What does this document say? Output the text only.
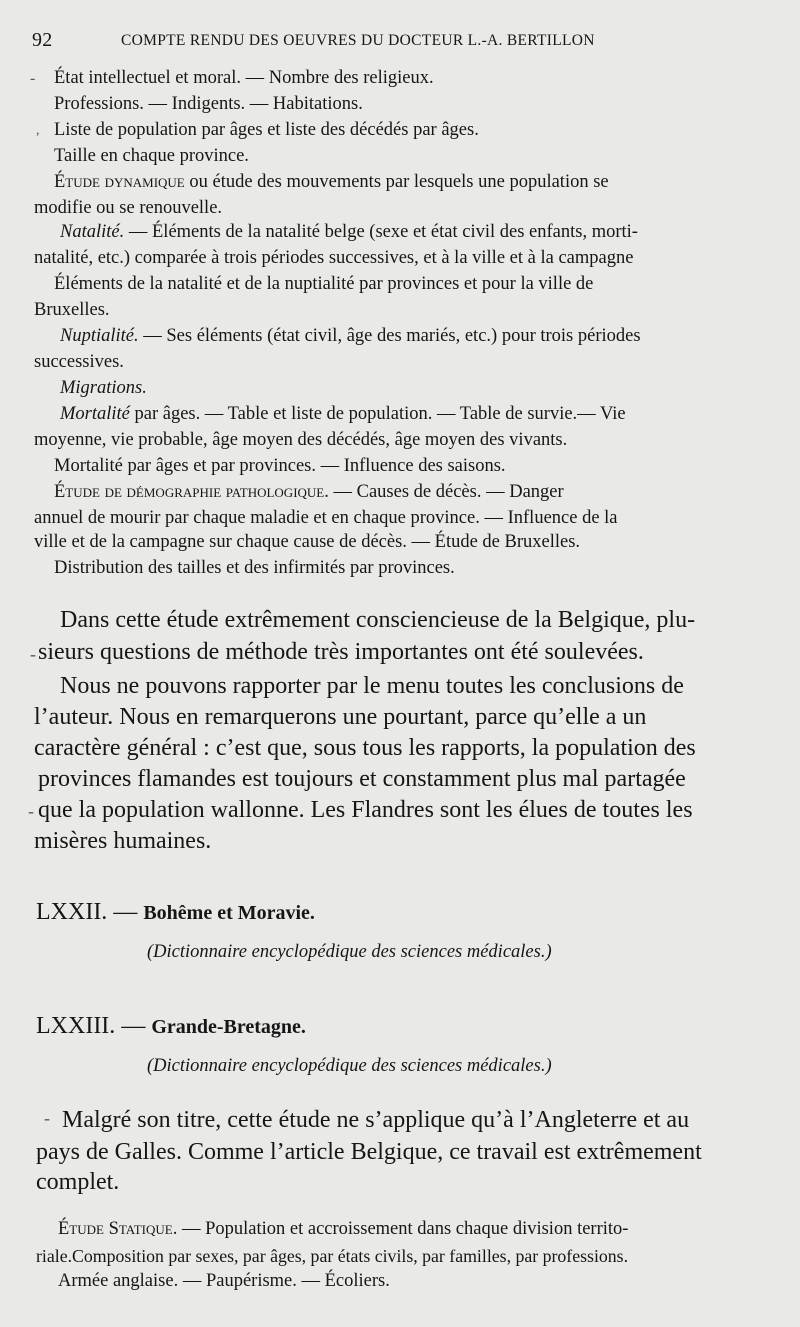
92	COMPTE RENDU DES OEUVRES DU DOCTEUR L.-A. BERTILLON
État intellectuel et moral. — Nombre des religieux.
Professions. — Indigents. — Habitations.
Liste de population par âges et liste des décédés par âges.
Taille en chaque province.
Étude dynamique ou étude des mouvements par lesquels une population se
modifie ou se renouvelle.
Natalité. — Éléments de la natalité belge (sexe et état civil des enfants, morti-
natalité, etc.) comparée à trois périodes successives, et à la ville et à la campagne
Éléments de la natalité et de la nuptialité par provinces et pour la ville de
Bruxelles.
Nuptialité. — Ses éléments (état civil, âge des mariés, etc.) pour trois périodes
successives.
Migrations.
Mortalité par âges. — Table et liste de population. — Table de survie.— Vie
moyenne, vie probable, âge moyen des décédés, âge moyen des vivants.
Mortalité par âges et par provinces. — Influence des saisons.
Étude de démographie pathologique. — Causes de décès. — Danger
annuel de mourir par chaque maladie et en chaque province. — Influence de la
ville et de la campagne sur chaque cause de décès. — Étude de Bruxelles.
Distribution des tailles et des infirmités par provinces.
Dans cette étude extrêmement consciencieuse de la Belgique, plu-
sieurs questions de méthode très importantes ont été soulevées.
Nous ne pouvons rapporter par le menu toutes les conclusions de
l’auteur. Nous en remarquerons une pourtant, parce qu’elle a un
caractère général : c’est que, sous tous les rapports, la population des
provinces flamandes est toujours et constamment plus mal partagée
que la population wallonne. Les Flandres sont les élues de toutes les
misères humaines.
LXXII. — Bohême et Moravie.
(Dictionnaire encyclopédique des sciences médicales.)
LXXIII. — Grande-Bretagne.
(Dictionnaire encyclopédique des sciences médicales.)
Malgré son titre, cette étude ne s’applique qu’à l’Angleterre et au
pays de Galles. Comme l’article Belgique, ce travail est extrêmement
complet.
Étude Statique. — Population et accroissement dans chaque division territo-
riale.Composition par sexes, par âges, par états civils, par familles, par professions.
Armée anglaise. — Paupérisme. — Écoliers.
-
,
-
-
-
